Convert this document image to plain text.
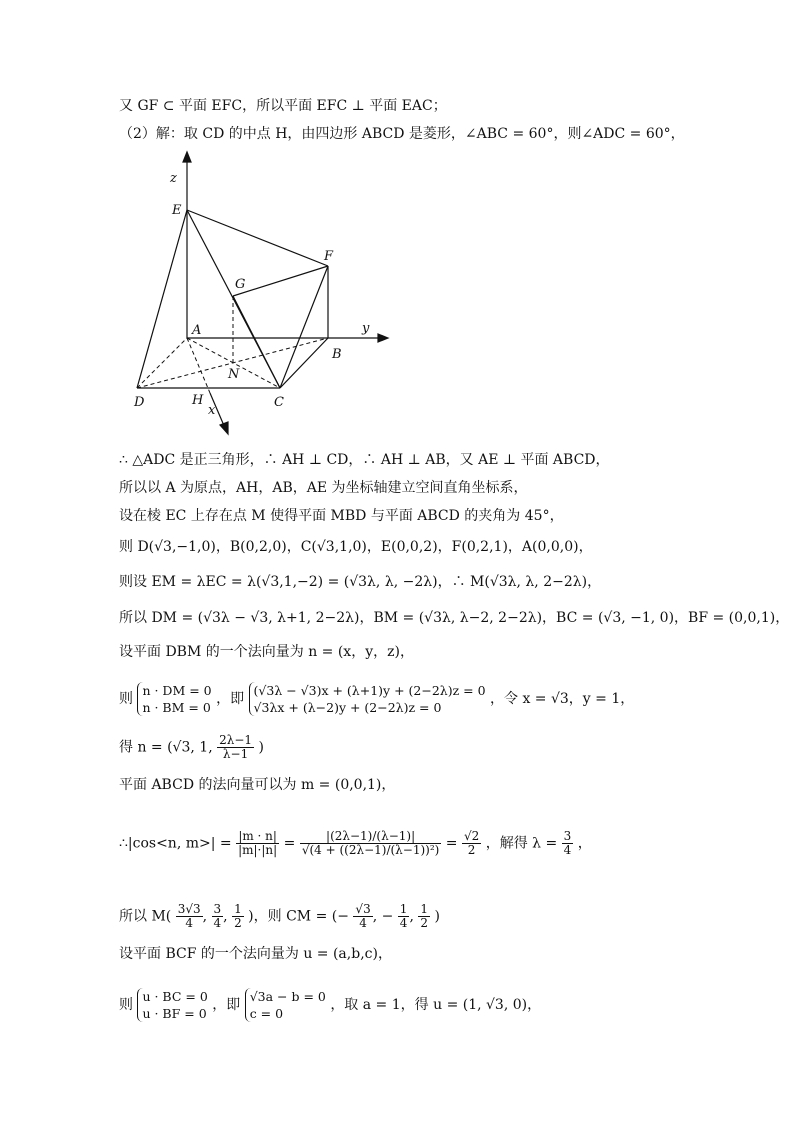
又 GF ⊂ 平面 EFC，所以平面 EFC ⊥ 平面 EAC；
（2）解：取 CD 的中点 H，由四边形 ABCD 是菱形，∠ABC = 60°，则∠ADC = 60°，
z
E
F
G
A	y
B
N
D	H
x
C
∴ △ADC 是正三角形，∴ AH ⊥ CD，∴ AH ⊥ AB，又 AE ⊥ 平面 ABCD，
所以以 A 为原点，AH，AB，AE 为坐标轴建立空间直角坐标系，
设在棱 EC 上存在点 M 使得平面 MBD 与平面 ABCD 的夹角为 45°，
则 D(√3,−1,0)，B(0,2,0)，C(√3,1,0)，E(0,0,2)，F(0,2,1)，A(0,0,0)，
则设 EM = λEC = λ(√3,1,−2) = (√3λ, λ, −2λ)，∴ M(√3λ, λ, 2−2λ)，
所以 DM = (√3λ − √3, λ+1, 2−2λ)，BM = (√3λ, λ−2, 2−2λ)，BC = (√3, −1, 0)，BF = (0,0,1)，
设平面 DBM 的一个法向量为 n = (x，y，z)，
则
n · DM = 0
n · BM = 0
，即
(√3λ − √3)x + (λ+1)y + (2−2λ)z = 0
√3λx + (λ−2)y + (2−2λ)z = 0
，令 x = √3，y = 1，
得 n = (√3, 1, $\frac{2\lambda-1}{\lambda-1}$ )
平面 ABCD 的法向量可以为 m = (0,0,1)，
∴|cos<n, $m>| = \frac{|m \cdot n|}{|m|\cdot|n|} = \frac{|(2\lambda-1)/(\lambda-1)|}{\text{√(4 + ((2λ−1)/(λ−1))²)}} = \frac{√2}{2}$ ，解得 $\lambda = \frac{3}{4}$ ，
所以 $M( \frac{3√3}{4}$ , $\frac{3}{4}$ , $\frac{1}{2}$ )，则 CM = (− $\frac{√3}{4}$ , − $\frac{1}{4}$ , $\frac{1}{2}$ )
设平面 BCF 的一个法向量为 u = (a,b,c)，
则
u · BC = 0
u · BF = 0
，即
√3a − b = 0
c = 0
，取 a = 1，得 u = (1, √3, 0)，
